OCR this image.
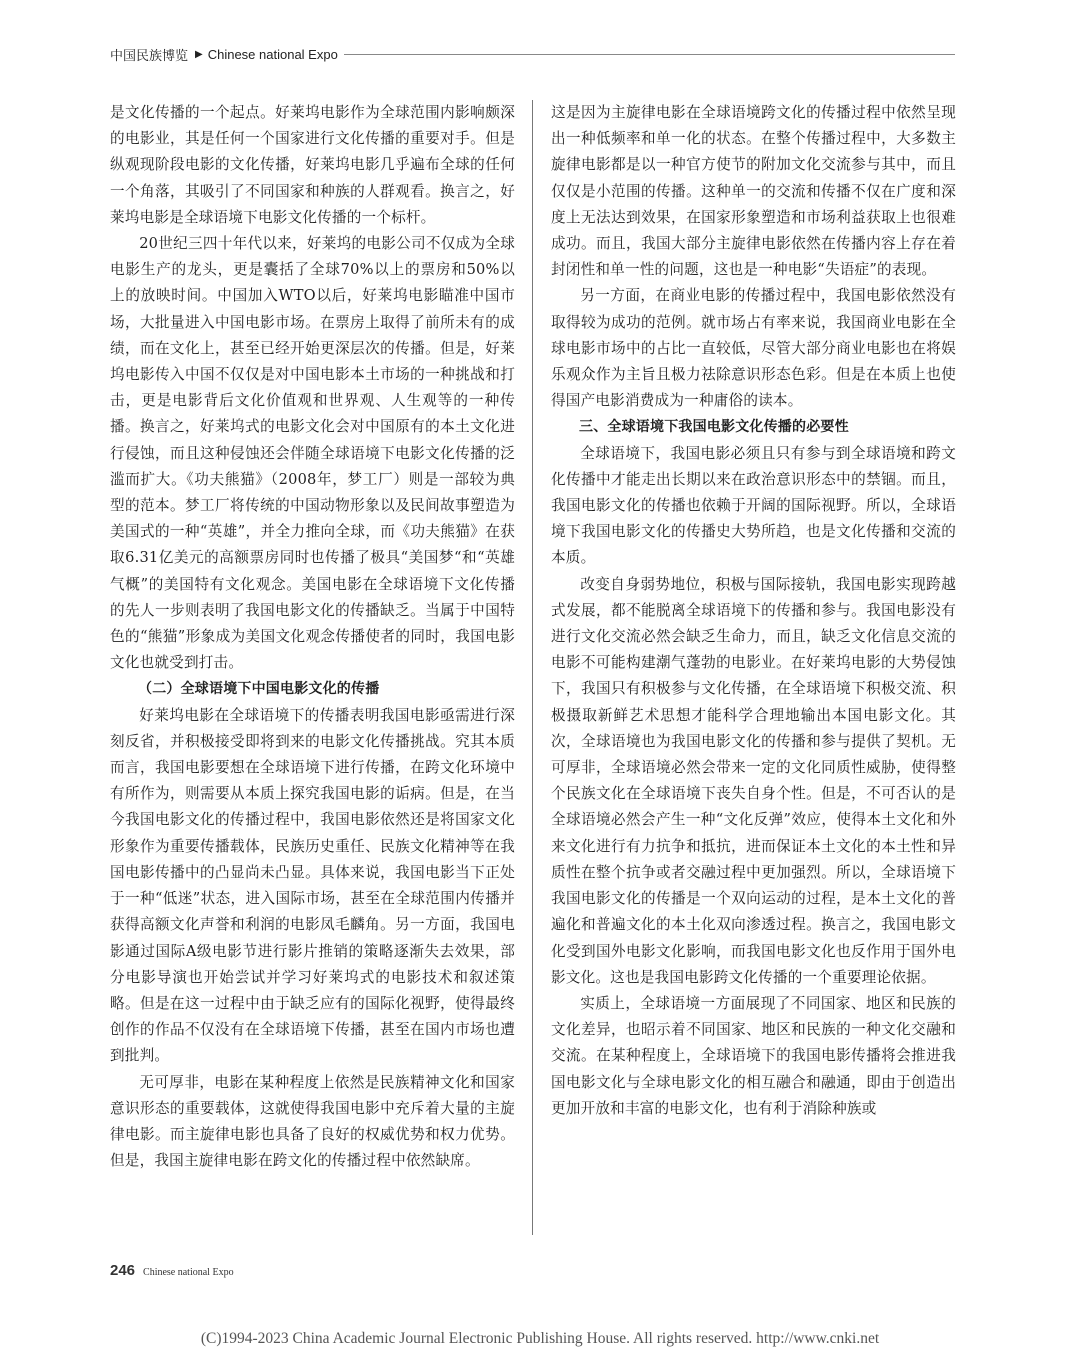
中国民族博览 ▶ Chinese national Expo

是文化传播的一个起点。好莱坞电影作为全球范围内影响颇深的电影业，其是任何一个国家进行文化传播的重要对手。但是纵观现阶段电影的文化传播，好莱坞电影几乎遍布全球的任何一个角落，其吸引了不同国家和种族的人群观看。换言之，好莱坞电影是全球语境下电影文化传播的一个标杆。

20世纪三四十年代以来，好莱坞的电影公司不仅成为全球电影生产的龙头，更是囊括了全球70%以上的票房和50%以上的放映时间。中国加入WTO以后，好莱坞电影瞄准中国市场，大批量进入中国电影市场。在票房上取得了前所未有的成绩，而在文化上，甚至已经开始更深层次的传播。但是，好莱坞电影传入中国不仅仅是对中国电影本土市场的一种挑战和打击，更是电影背后文化价值观和世界观、人生观等的一种传播。换言之，好莱坞式的电影文化会对中国原有的本土文化进行侵蚀，而且这种侵蚀还会伴随全球语境下电影文化传播的泛滥而扩大。《功夫熊猫》（2008年，梦工厂）则是一部较为典型的范本。梦工厂将传统的中国动物形象以及民间故事塑造为美国式的一种“英雄”，并全力推向全球，而《功夫熊猫》在获取6.31亿美元的高额票房同时也传播了极具“美国梦“和“英雄气概”的美国特有文化观念。美国电影在全球语境下文化传播的先人一步则表明了我国电影文化的传播缺乏。当属于中国特色的“熊猫”形象成为美国文化观念传播使者的同时，我国电影文化也就受到打击。

（二）全球语境下中国电影文化的传播

好莱坞电影在全球语境下的传播表明我国电影亟需进行深刻反省，并积极接受即将到来的电影文化传播挑战。究其本质而言，我国电影要想在全球语境下进行传播，在跨文化环境中有所作为，则需要从本质上探究我国电影的诟病。但是，在当今我国电影文化的传播过程中，我国电影依然还是将国家文化形象作为重要传播载体，民族历史重任、民族文化精神等在我国电影传播中的凸显尚未凸显。具体来说，我国电影当下正处于一种“低迷”状态，进入国际市场，甚至在全球范围内传播并获得高额文化声誉和利润的电影凤毛麟角。另一方面，我国电影通过国际A级电影节进行影片推销的策略逐渐失去效果，部分电影导演也开始尝试并学习好莱坞式的电影技术和叙述策略。但是在这一过程中由于缺乏应有的国际化视野，使得最终创作的作品不仅没有在全球语境下传播，甚至在国内市场也遭到批判。

无可厚非，电影在某种程度上依然是民族精神文化和国家意识形态的重要载体，这就使得我国电影中充斥着大量的主旋律电影。而主旋律电影也具备了良好的权威优势和权力优势。但是，我国主旋律电影在跨文化的传播过程中依然缺席。

这是因为主旋律电影在全球语境跨文化的传播过程中依然呈现出一种低频率和单一化的状态。在整个传播过程中，大多数主旋律电影都是以一种官方使节的附加文化交流参与其中，而且仅仅是小范围的传播。这种单一的交流和传播不仅在广度和深度上无法达到效果，在国家形象塑造和市场利益获取上也很难成功。而且，我国大部分主旋律电影依然在传播内容上存在着封闭性和单一性的问题，这也是一种电影“失语症”的表现。

另一方面，在商业电影的传播过程中，我国电影依然没有取得较为成功的范例。就市场占有率来说，我国商业电影在全球电影市场中的占比一直较低，尽管大部分商业电影也在将娱乐观众作为主旨且极力祛除意识形态色彩。但是在本质上也使得国产电影消费成为一种庸俗的读本。

三、全球语境下我国电影文化传播的必要性

全球语境下，我国电影必须且只有参与到全球语境和跨文化传播中才能走出长期以来在政治意识形态中的禁锢。而且，我国电影文化的传播也依赖于开阔的国际视野。所以，全球语境下我国电影文化的传播史大势所趋，也是文化传播和交流的本质。

改变自身弱势地位，积极与国际接轨，我国电影实现跨越式发展，都不能脱离全球语境下的传播和参与。我国电影没有进行文化交流必然会缺乏生命力，而且，缺乏文化信息交流的电影不可能构建潮气蓬勃的电影业。在好莱坞电影的大势侵蚀下，我国只有积极参与文化传播，在全球语境下积极交流、积极摄取新鲜艺术思想才能科学合理地输出本国电影文化。其次，全球语境也为我国电影文化的传播和参与提供了契机。无可厚非，全球语境必然会带来一定的文化同质性威胁，使得整个民族文化在全球语境下丧失自身个性。但是，不可否认的是全球语境必然会产生一种“文化反弹”效应，使得本土文化和外来文化进行有力抗争和抵抗，进而保证本土文化的本土性和异质性在整个抗争或者交融过程中更加强烈。所以，全球语境下我国电影文化的传播是一个双向运动的过程，是本土文化的普遍化和普遍文化的本土化双向渗透过程。换言之，我国电影文化受到国外电影文化影响，而我国电影文化也反作用于国外电影文化。这也是我国电影跨文化传播的一个重要理论依据。

实质上，全球语境一方面展现了不同国家、地区和民族的文化差异，也昭示着不同国家、地区和民族的一种文化交融和交流。在某种程度上，全球语境下的我国电影传播将会推进我国电影文化与全球电影文化的相互融合和融通，即由于创造出更加开放和丰富的电影文化，也有利于消除种族或

246 Chinese national Expo
(C)1994-2023 China Academic Journal Electronic Publishing House. All rights reserved. http://www.cnki.net
